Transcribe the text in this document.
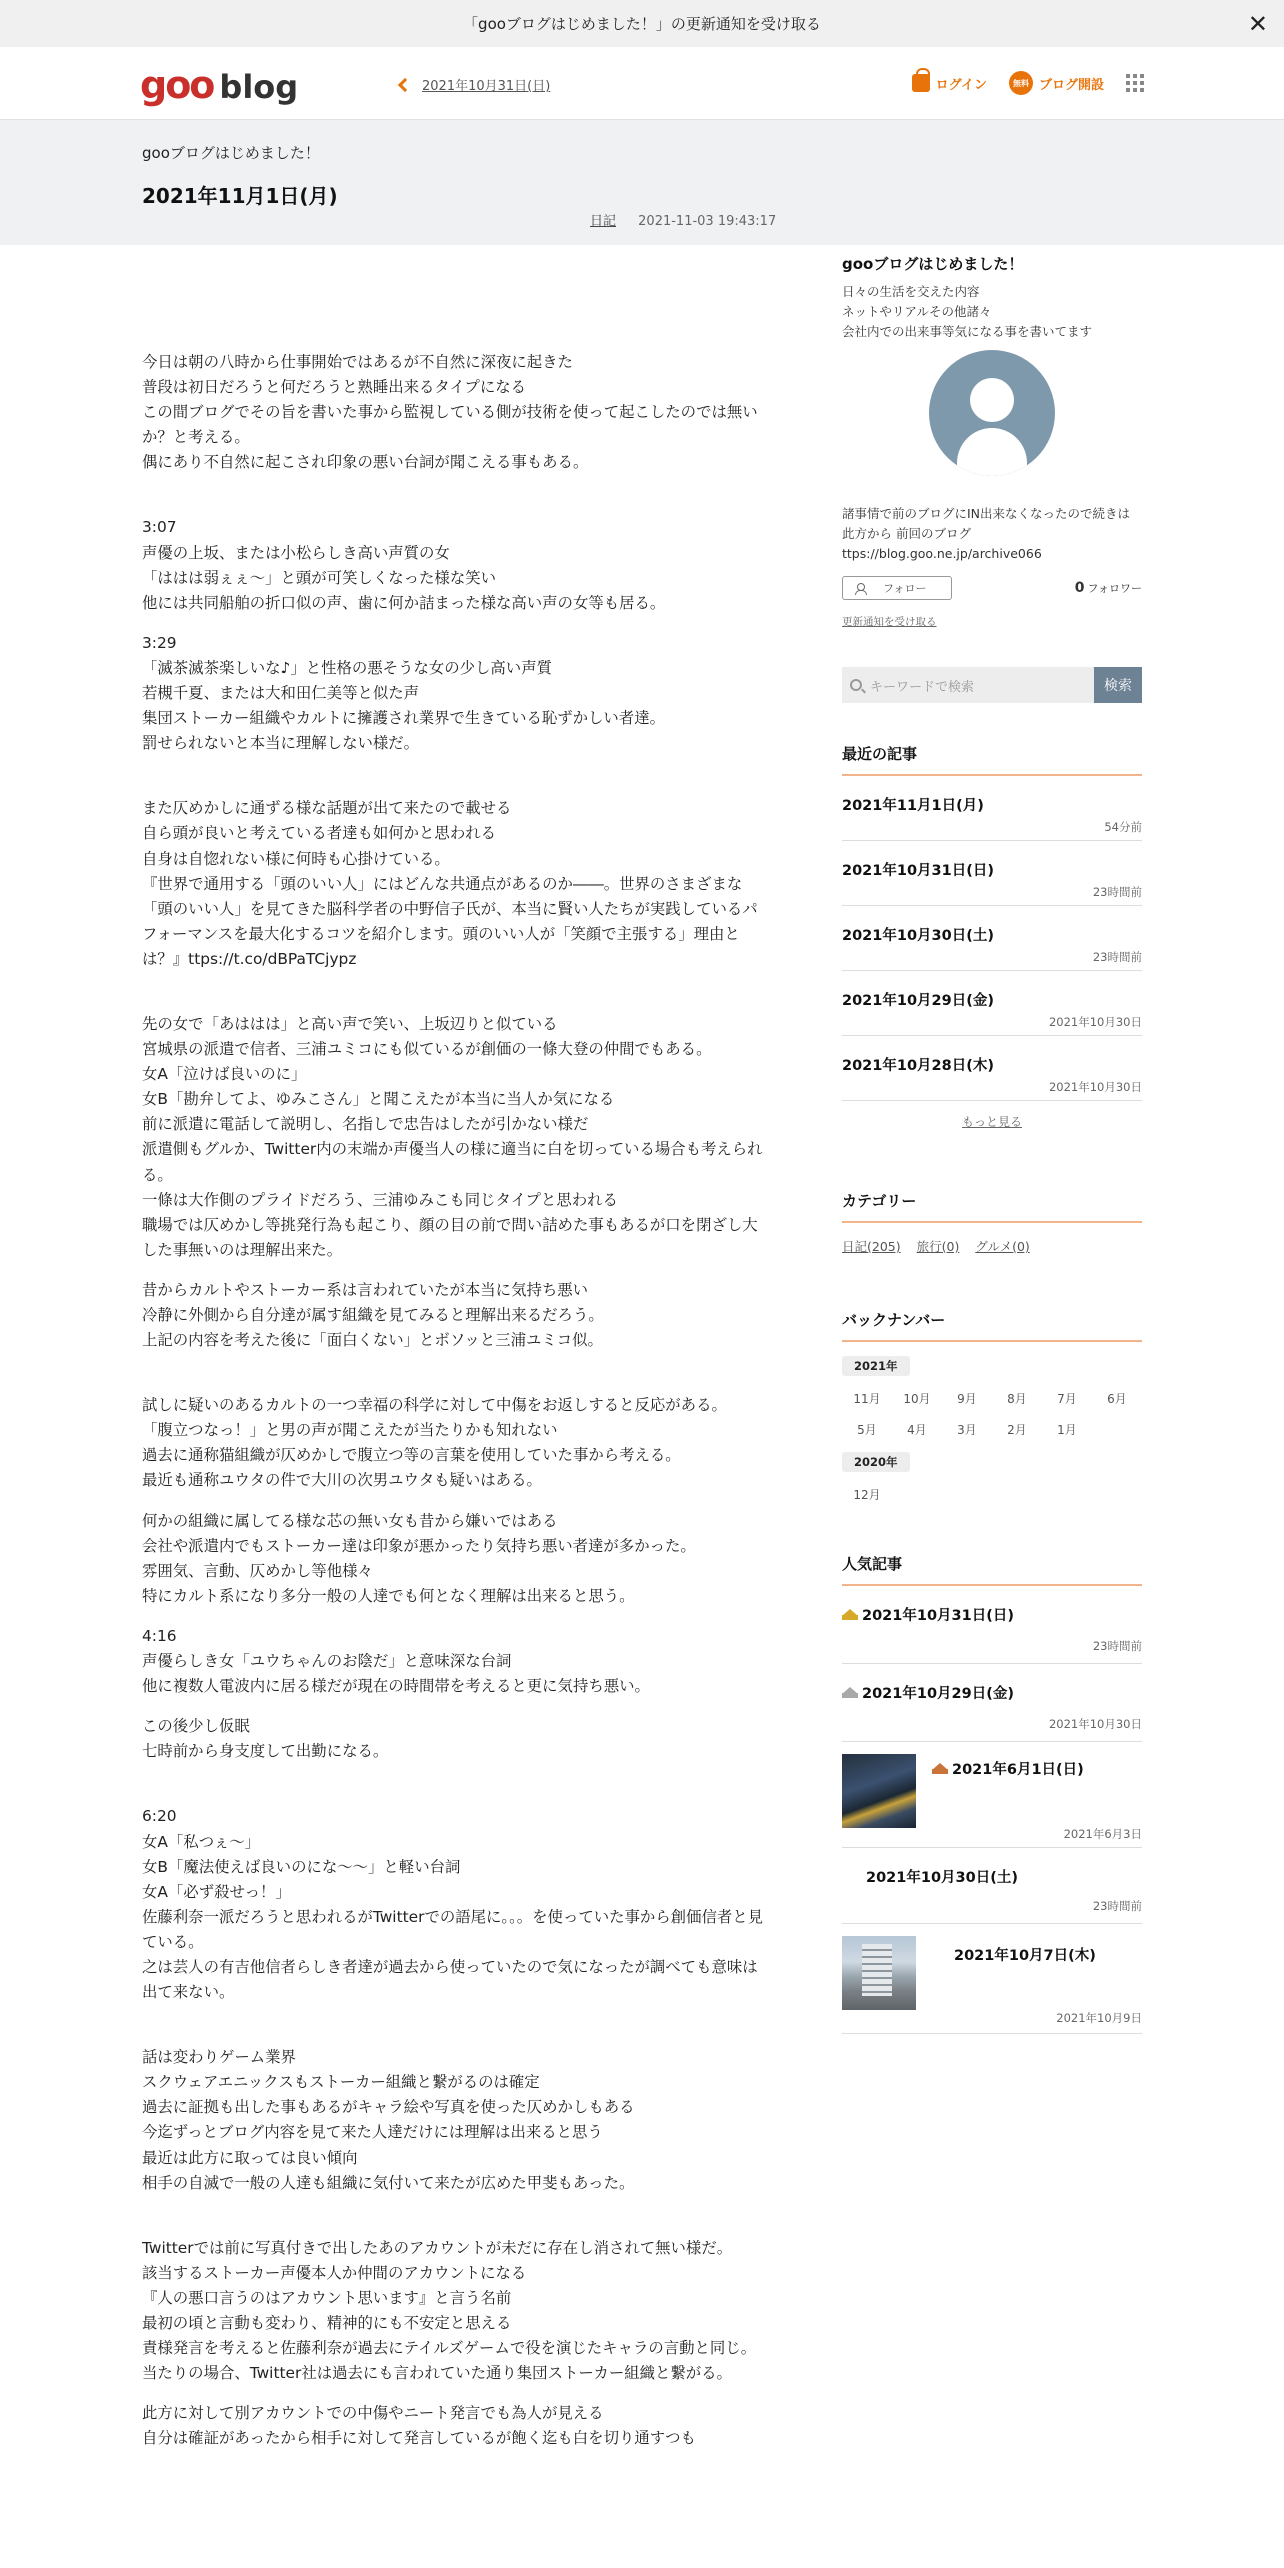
「gooブログはじめました！」の更新通知を受け取る	✕
goo blog	2021年10月31日(日)	ログイン	無料 ブログ開設
gooブログはじめました！
2021年11月1日(月)
日記 2021-11-03 19:43:17

今日は朝の八時から仕事開始ではあるが不自然に深夜に起きた
普段は初日だろうと何だろうと熟睡出来るタイプになる
この間ブログでその旨を書いた事から監視している側が技術を使って起こしたのでは無いか？と考える。
偶にあり不自然に起こされ印象の悪い台詞が聞こえる事もある。

3:07
声優の上坂、または小松らしき高い声質の女
「ははは弱ぇぇ～」と頭が可笑しくなった様な笑い
他には共同船舶の折口似の声、歯に何か詰まった様な高い声の女等も居る。

3:29
「滅茶滅茶楽しいな♪」と性格の悪そうな女の少し高い声質
若槻千夏、または大和田仁美等と似た声
集団ストーカー組織やカルトに擁護され業界で生きている恥ずかしい者達。
罰せられないと本当に理解しない様だ。

また仄めかしに通ずる様な話題が出て来たので載せる
自ら頭が良いと考えている者達も如何かと思われる
自身は自惚れない様に何時も心掛けている。
『世界で通用する「頭のいい人」にはどんな共通点があるのか――。世界のさまざまな「頭のいい人」を見てきた脳科学者の中野信子氏が、本当に賢い人たちが実践しているパフォーマンスを最大化するコツを紹介します。頭のいい人が「笑顔で主張する」理由とは？』ttps://t.co/dBPaTCjypz

先の女で「あははは」と高い声で笑い、上坂辺りと似ている
宮城県の派遣で信者、三浦ユミコにも似ているが創価の一條大登の仲間でもある。
女A「泣けば良いのに」
女B「勘弁してよ、ゆみこさん」と聞こえたが本当に当人か気になる
前に派遣に電話して説明し、名指しで忠告はしたが引かない様だ
派遣側もグルか、Twitter内の末端か声優当人の様に適当に白を切っている場合も考えられる。
一條は大作側のプライドだろう、三浦ゆみこも同じタイプと思われる
職場では仄めかし等挑発行為も起こり、顔の目の前で問い詰めた事もあるが口を閉ざし大した事無いのは理解出来た。

昔からカルトやストーカー系は言われていたが本当に気持ち悪い
冷静に外側から自分達が属す組織を見てみると理解出来るだろう。
上記の内容を考えた後に「面白くない」とボソッと三浦ユミコ似。

試しに疑いのあるカルトの一つ幸福の科学に対して中傷をお返しすると反応がある。
「腹立つなっ！」と男の声が聞こえたが当たりかも知れない
過去に通称猫組織が仄めかしで腹立つ等の言葉を使用していた事から考える。
最近も通称ユウタの件で大川の次男ユウタも疑いはある。

何かの組織に属してる様な芯の無い女も昔から嫌いではある
会社や派遣内でもストーカー達は印象が悪かったり気持ち悪い者達が多かった。
雰囲気、言動、仄めかし等他様々
特にカルト系になり多分一般の人達でも何となく理解は出来ると思う。

4:16
声優らしき女「ユウちゃんのお陰だ」と意味深な台詞
他に複数人電波内に居る様だが現在の時間帯を考えると更に気持ち悪い。

この後少し仮眠
七時前から身支度して出勤になる。

6:20
女A「私つぇ～」
女B「魔法使えば良いのにな～～」と軽い台詞
女A「必ず殺せっ！」
佐藤利奈一派だろうと思われるがTwitterでの語尾に。。。を使っていた事から創価信者と見ている。
之は芸人の有吉他信者らしき者達が過去から使っていたので気になったが調べても意味は出て来ない。

話は変わりゲーム業界
スクウェアエニックスもストーカー組織と繋がるのは確定
過去に証拠も出した事もあるがキャラ絵や写真を使った仄めかしもある
今迄ずっとブログ内容を見て来た人達だけには理解は出来ると思う
最近は此方に取っては良い傾向
相手の自滅で一般の人達も組織に気付いて来たが広めた甲斐もあった。

Twitterでは前に写真付きで出したあのアカウントが未だに存在し消されて無い様だ。
該当するストーカー声優本人か仲間のアカウントになる
『人の悪口言うのはアカウント思います』と言う名前
最初の頃と言動も変わり、精神的にも不安定と思える
責様発言を考えると佐藤利奈が過去にテイルズゲームで役を演じたキャラの言動と同じ。
当たりの場合、Twitter社は過去にも言われていた通り集団ストーカー組織と繋がる。

此方に対して別アカウントでの中傷やニート発言でも為人が見える
自分は確証があったから相手に対して発言しているが飽く迄も白を切り通すつも

gooブログはじめました！
日々の生活を交えた内容
ネットやリアルその他諸々
会社内での出来事等気になる事を書いてます
諸事情で前のブログにIN出来なくなったので続きは此方から 前回のブログ ttps://blog.goo.ne.jp/archive066
フォロー	0 フォロワー
更新通知を受け取る
キーワードで検索	検索
最近の記事
2021年11月1日(月)
54分前
2021年10月31日(日)
23時間前
2021年10月30日(土)
23時間前
2021年10月29日(金)
2021年10月30日
2021年10月28日(木)
2021年10月30日
もっと見る
カテゴリー
日記(205) 旅行(0) グルメ(0)
バックナンバー
2021年
11月	10月	9月	8月	7月	6月
5月	4月	3月	2月	1月
2020年
12月
人気記事
2021年10月31日(日)
23時間前
2021年10月29日(金)
2021年10月30日
2021年6月1日(日)
2021年6月3日
2021年10月30日(土)
23時間前
2021年10月7日(木)
2021年10月9日
